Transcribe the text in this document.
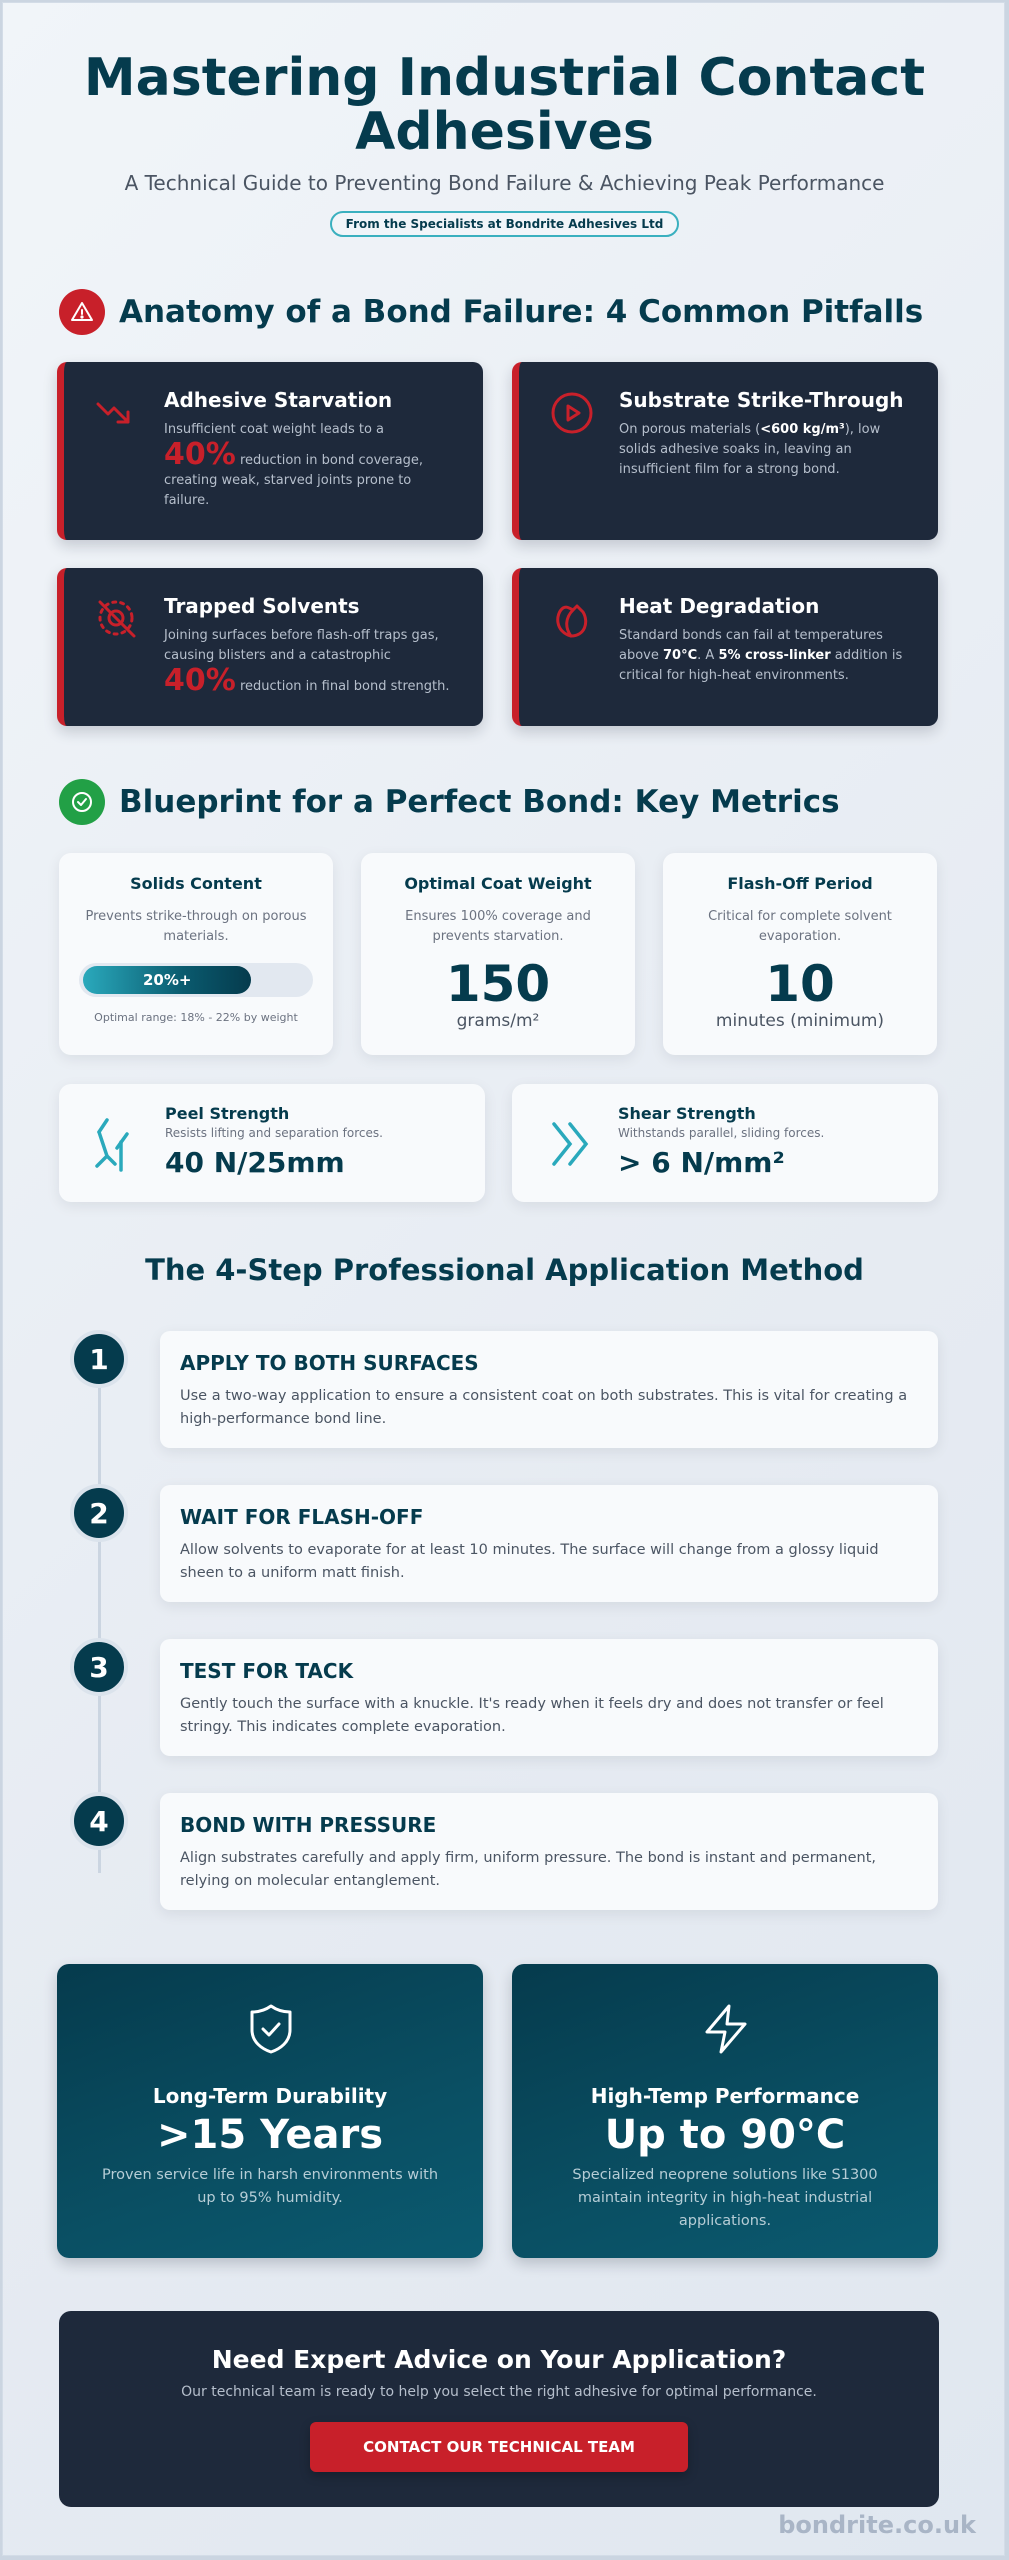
Mastering Industrial Contact
Adhesives
A Technical Guide to Preventing Bond Failure & Achieving Peak Performance
From the Specialists at Bondrite Adhesives Ltd
Anatomy of a Bond Failure: 4 Common Pitfalls
Adhesive Starvation

Insufficient coat weight leads to a
40% reduction in bond coverage, creating weak, starved joints prone to failure.

Substrate Strike-Through

On porous materials (<600 kg/m³), low solids adhesive soaks in, leaving an insufficient film for a strong bond.

Trapped Solvents

Joining surfaces before flash-off traps gas, causing blisters and a catastrophic
40% reduction in final bond strength.

Heat Degradation

Standard bonds can fail at temperatures above 70°C. A 5% cross-linker addition is critical for high-heat environments.

Blueprint for a Perfect Bond: Key Metrics
Solids Content
Prevents strike-through on porous materials.
20%+
Optimal range: 18% - 22% by weight
Optimal Coat Weight
Ensures 100% coverage and prevents starvation.
150
grams/m²
Flash-Off Period
Critical for complete solvent evaporation.
10
minutes (minimum)
Peel Strength
Resists lifting and separation forces.
40 N/25mm
Shear Strength
Withstands parallel, sliding forces.
> 6 N/mm²
The 4-Step Professional Application Method
1	APPLY TO BOTH SURFACES

Use a two-way application to ensure a consistent coat on both substrates. This is vital for creating a high-performance bond line.

2	WAIT FOR FLASH-OFF

Allow solvents to evaporate for at least 10 minutes. The surface will change from a glossy liquid sheen to a uniform matt finish.

3	TEST FOR TACK

Gently touch the surface with a knuckle. It's ready when it feels dry and does not transfer or feel stringy. This indicates complete evaporation.

4	BOND WITH PRESSURE

Align substrates carefully and apply firm, uniform pressure. The bond is instant and permanent, relying on molecular entanglement.

Long-Term Durability
>15 Years
Proven service life in harsh environments with up to 95% humidity.
High-Temp Performance
Up to 90°C
Specialized neoprene solutions like S1300 maintain integrity in high-heat industrial applications.
Need Expert Advice on Your Application?

Our technical team is ready to help you select the right adhesive for optimal performance.

CONTACT OUR TECHNICAL TEAM
bondrite.co.uk
